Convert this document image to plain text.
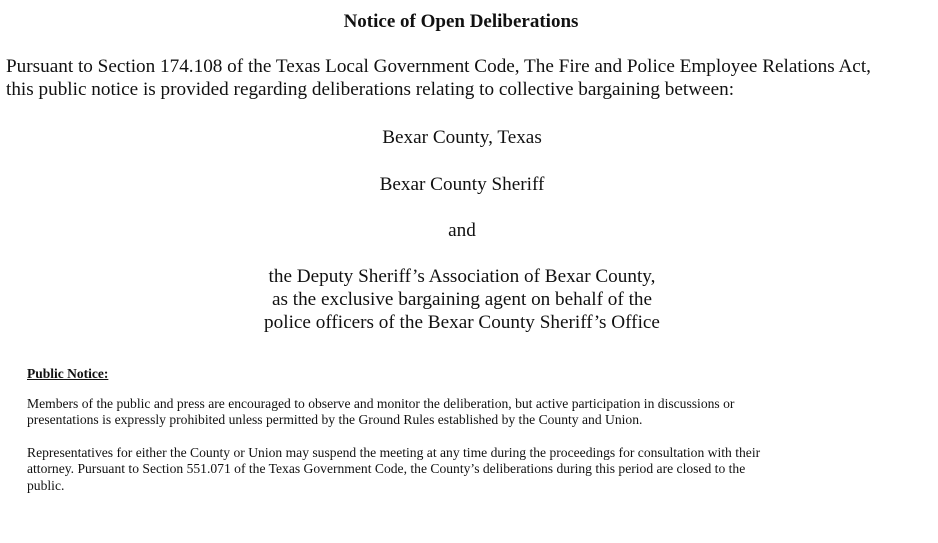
Notice of Open Deliberations

Pursuant to Section 174.108 of the Texas Local Government Code, The Fire and Police Employee Relations Act,
this public notice is provided regarding deliberations relating to collective bargaining between:

Bexar County, Texas

Bexar County Sheriff

and

the Deputy Sheriff’s Association of Bexar County,
as the exclusive bargaining agent on behalf of the
police officers of the Bexar County Sheriff’s Office

Public Notice:

Members of the public and press are encouraged to observe and monitor the deliberation, but active participation in discussions or
presentations is expressly prohibited unless permitted by the Ground Rules established by the County and Union.

Representatives for either the County or Union may suspend the meeting at any time during the proceedings for consultation with their
attorney. Pursuant to Section 551.071 of the Texas Government Code, the County’s deliberations during this period are closed to the
public.
